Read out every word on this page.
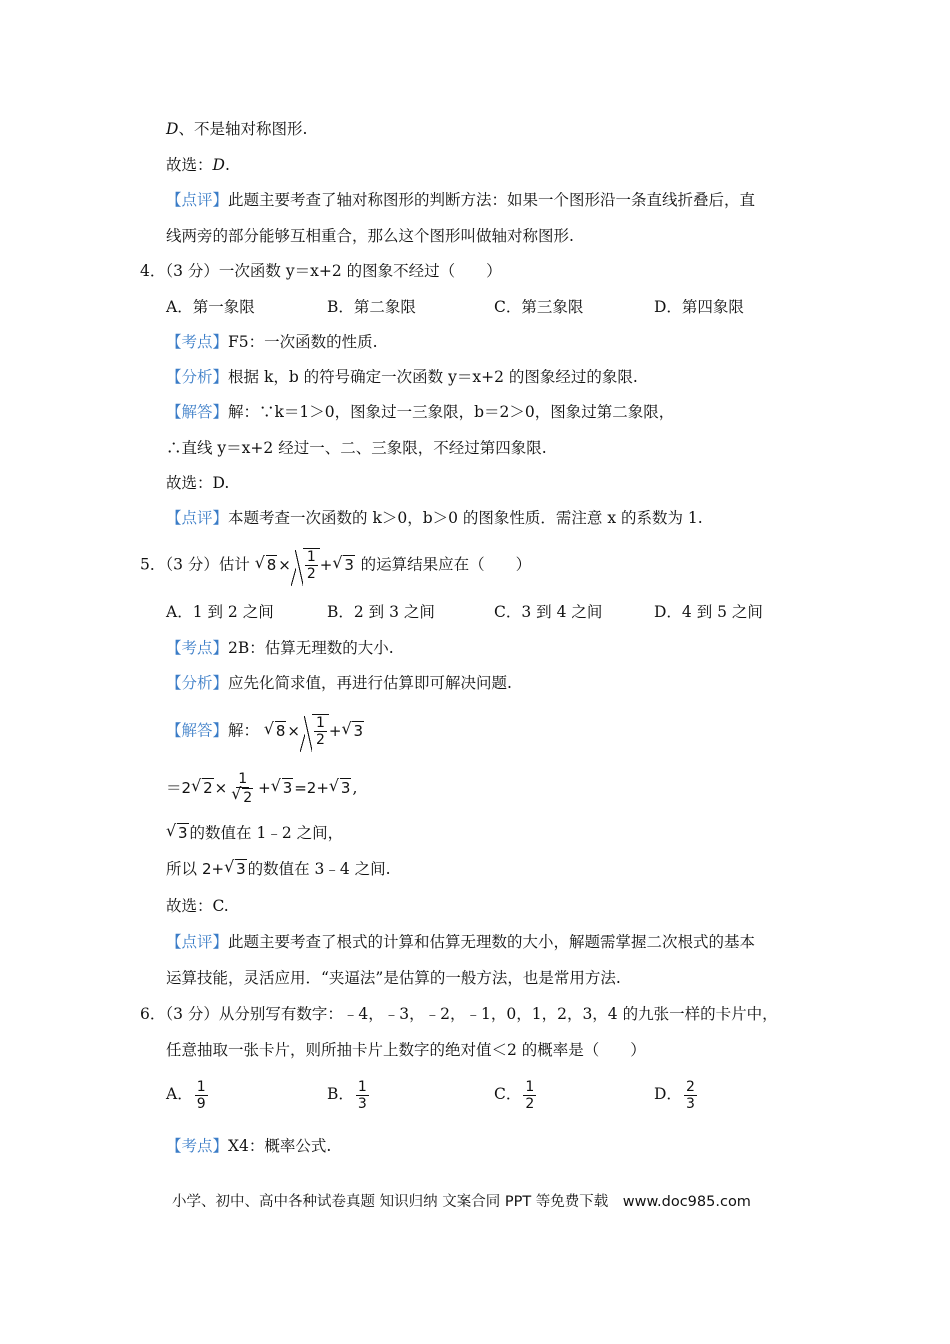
D、不是轴对称图形.
故选：D.
【点评】此题主要考查了轴对称图形的判断方法：如果一个图形沿一条直线折叠后，直
线两旁的部分能够互相重合，那么这个图形叫做轴对称图形.
4．（3 分）一次函数 y＝x+2 的图象不经过（　　）
A．第一象限	B．第二象限	C．第三象限	D．第四象限
【考点】F5：一次函数的性质.
【分析】根据 k，b 的符号确定一次函数 y＝x+2 的图象经过的象限.
【解答】解：∵k＝1＞0，图象过一三象限，b＝2＞0，图象过第二象限，
∴直线 y＝x+2 经过一、二、三象限，不经过第四象限.
故选：D.
【点评】本题考查一次函数的 k＞0，b＞0 的图象性质．需注意 x 的系数为 1.
5．（3 分）估计 √ $8 \times \frac{1}{2}$ + √ 3 的运算结果应在（　　）
A．1 到 2 之间	B．2 到 3 之间	C．3 到 4 之间	D．4 到 5 之间
【考点】2B：估算无理数的大小.
【分析】应先化简求值，再进行估算即可解决问题.
【解答】解： √ $8 \times \frac{1}{2}$ + √ 3
＝2 √ 2 × 1
√ 2 + √ 3 =2+ √ 3 ,
√ 3 的数值在 1﹣2 之间，
所以 2+ √ 3 的数值在 3﹣4 之间.
故选：C.
【点评】此题主要考查了根式的计算和估算无理数的大小，解题需掌握二次根式的基本
运算技能，灵活应用．“夹逼法”是估算的一般方法，也是常用方法.
6．（3 分）从分别写有数字：﹣4，﹣3，﹣2，﹣1，0，1，2，3，4 的九张一样的卡片中，
任意抽取一张卡片，则所抽卡片上数字的绝对值＜2 的概率是（　　）
A． $\frac{1}{9}$	B． $\frac{1}{3}$	C． $\frac{1}{2}$	D． $\frac{2}{3}$
【考点】X4：概率公式.
小学、初中、高中各种试卷真题 知识归纳 文案合同 PPT 等免费下载　www.doc985.com
